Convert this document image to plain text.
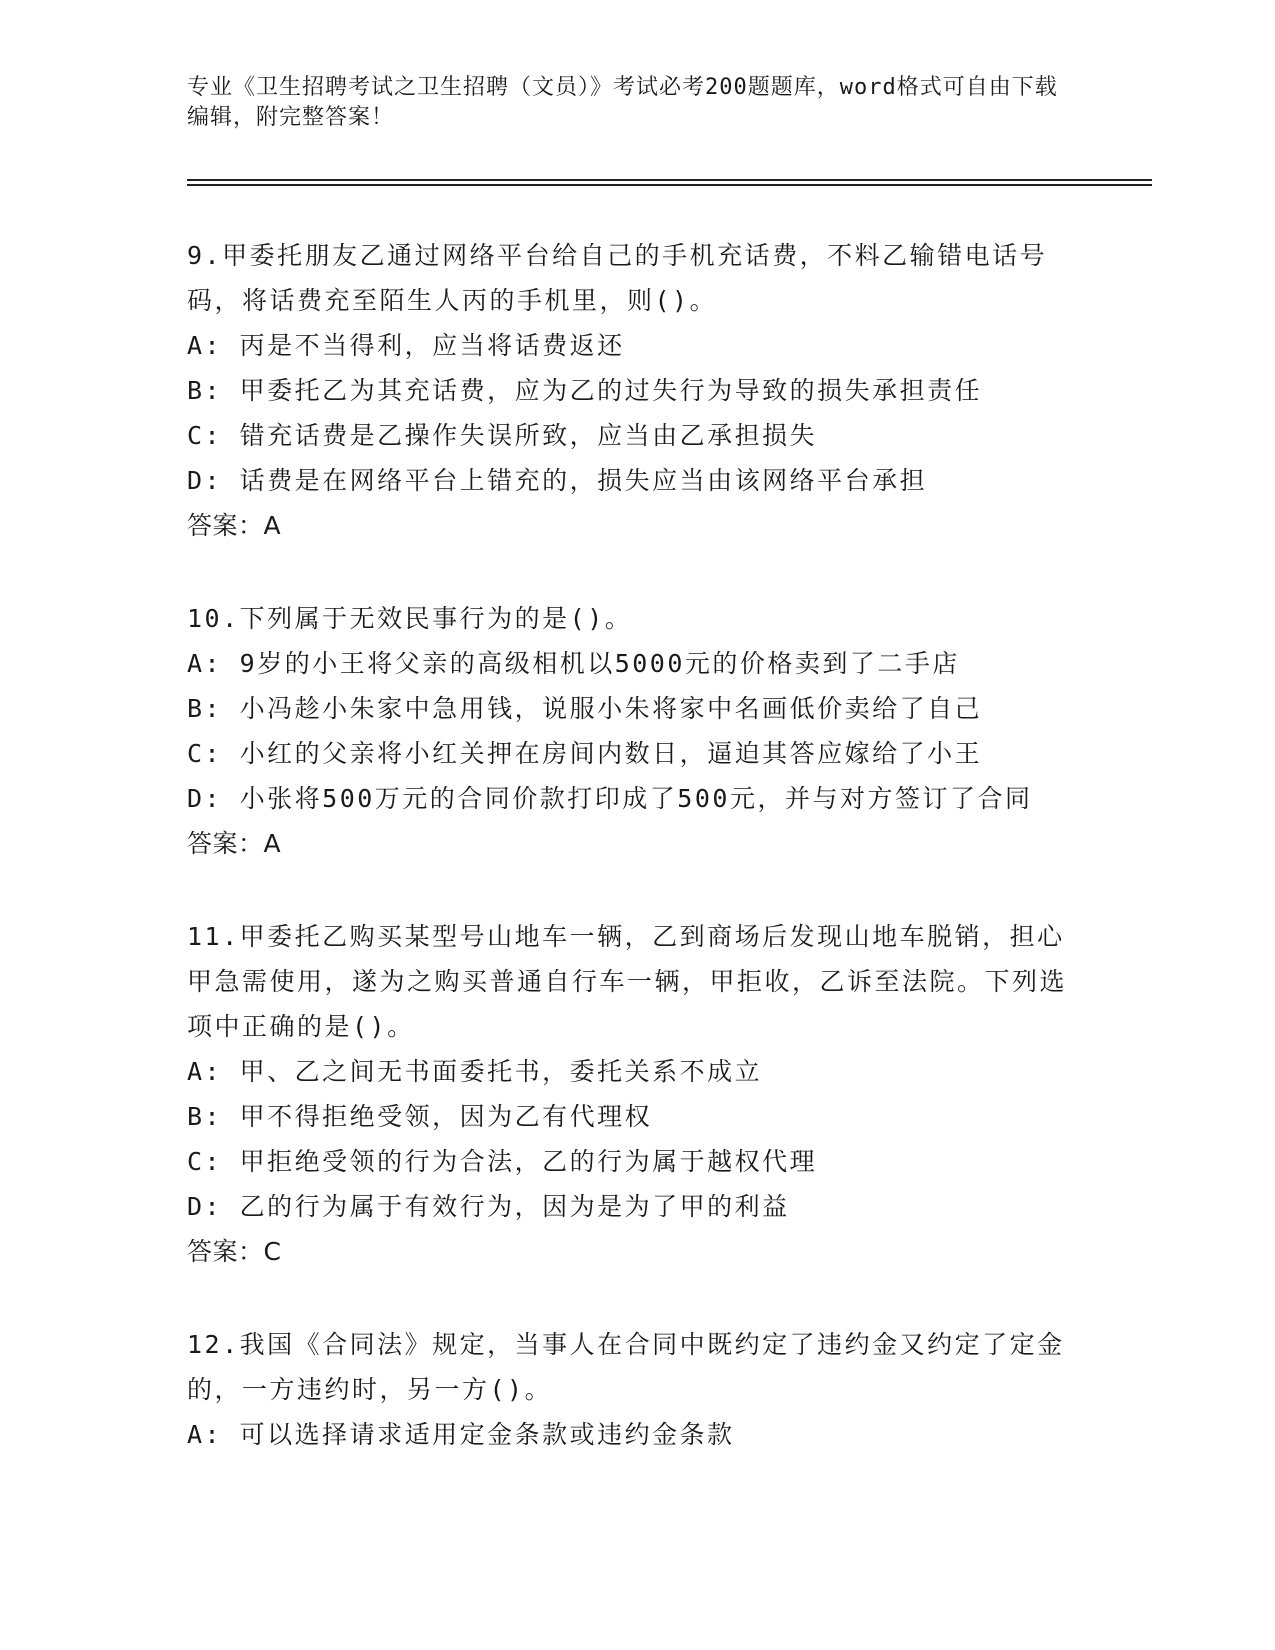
专业《卫生招聘考试之卫生招聘（文员）》考试必考200题题库，word格式可自由下载编辑，附完整答案！

9.甲委托朋友乙通过网络平台给自己的手机充话费，不料乙输错电话号码，将话费充至陌生人丙的手机里，则()。

A: 丙是不当得利，应当将话费返还

B: 甲委托乙为其充话费，应为乙的过失行为导致的损失承担责任

C: 错充话费是乙操作失误所致，应当由乙承担损失

D: 话费是在网络平台上错充的，损失应当由该网络平台承担

答案：A

10.下列属于无效民事行为的是()。

A: 9岁的小王将父亲的高级相机以5000元的价格卖到了二手店

B: 小冯趁小朱家中急用钱，说服小朱将家中名画低价卖给了自己

C: 小红的父亲将小红关押在房间内数日，逼迫其答应嫁给了小王

D: 小张将500万元的合同价款打印成了500元，并与对方签订了合同

答案：A

11.甲委托乙购买某型号山地车一辆，乙到商场后发现山地车脱销，担心甲急需使用，遂为之购买普通自行车一辆，甲拒收，乙诉至法院。下列选项中正确的是()。

A: 甲、乙之间无书面委托书，委托关系不成立

B: 甲不得拒绝受领，因为乙有代理权

C: 甲拒绝受领的行为合法，乙的行为属于越权代理

D: 乙的行为属于有效行为，因为是为了甲的利益

答案：C

12.我国《合同法》规定，当事人在合同中既约定了违约金又约定了定金的，一方违约时，另一方()。

A: 可以选择请求适用定金条款或违约金条款
